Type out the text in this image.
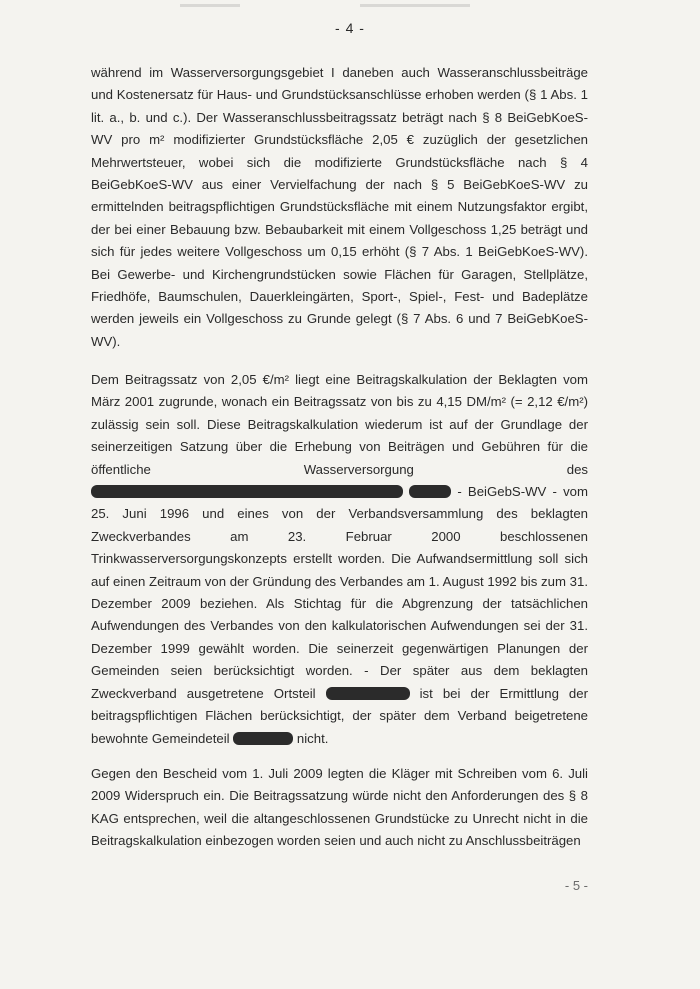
- 4 -

während im Wasserversorgungsgebiet I daneben auch Wasseranschlussbeiträge und Kostenersatz für Haus- und Grundstücksanschlüsse erhoben werden (§ 1 Abs. 1 lit. a., b. und c.). Der Wasseranschlussbeitragssatz beträgt nach § 8 BeiGebKoeS-WV pro m² modifizierter Grundstücksfläche 2,05 € zuzüglich der gesetzlichen Mehrwertsteuer, wobei sich die modifizierte Grundstücksfläche nach § 4 BeiGebKoeS-WV aus einer Vervielfachung der nach § 5 BeiGebKoeS-WV zu ermittelnden beitragspflichtigen Grundstücksfläche mit einem Nutzungsfaktor ergibt, der bei einer Bebauung bzw. Bebaubarkeit mit einem Vollgeschoss 1,25 beträgt und sich für jedes weitere Vollgeschoss um 0,15 erhöht (§ 7 Abs. 1 BeiGebKoeS-WV). Bei Gewerbe- und Kirchengrundstücken sowie Flächen für Garagen, Stellplätze, Friedhöfe, Baumschulen, Dauerkleingärten, Sport-, Spiel-, Fest- und Badeplätze werden jeweils ein Vollgeschoss zu Grunde gelegt (§ 7 Abs. 6 und 7 BeiGebKoeS-WV).

Dem Beitragssatz von 2,05 €/m² liegt eine Beitragskalkulation der Beklagten vom März 2001 zugrunde, wonach ein Beitragssatz von bis zu 4,15 DM/m² (= 2,12 €/m²) zulässig sein soll. Diese Beitragskalkulation wiederum ist auf der Grundlage der seinerzeitigen Satzung über die Erhebung von Beiträgen und Gebühren für die öffentliche Wasserversorgung des   - BeiGebS-WV - vom 25. Juni 1996 und eines von der Verbandsversammlung des beklagten Zweckverbandes am 23. Februar 2000 beschlossenen Trinkwasserversorgungskonzepts erstellt worden. Die Aufwandsermittlung soll sich auf einen Zeitraum von der Gründung des Verbandes am 1. August 1992 bis zum 31. Dezember 2009 beziehen. Als Stichtag für die Abgrenzung der tatsächlichen Aufwendungen des Verbandes von den kalkulatorischen Aufwendungen sei der 31. Dezember 1999 gewählt worden. Die seinerzeit gegenwärtigen Planungen der Gemeinden seien berücksichtigt worden. - Der später aus dem beklagten Zweckverband ausgetretene Ortsteil	ist bei der Ermittlung der beitragspflichtigen Flächen berücksichtigt, der später dem Verband beigetretene bewohnte Gemeindeteil	nicht.

Gegen den Bescheid vom 1. Juli 2009 legten die Kläger mit Schreiben vom 6. Juli 2009 Widerspruch ein. Die Beitragssatzung würde nicht den Anforderungen des § 8 KAG entsprechen, weil die altangeschlossenen Grundstücke zu Unrecht nicht in die Beitragskalkulation einbezogen worden seien und auch nicht zu Anschlussbeiträgen

- 5 -
